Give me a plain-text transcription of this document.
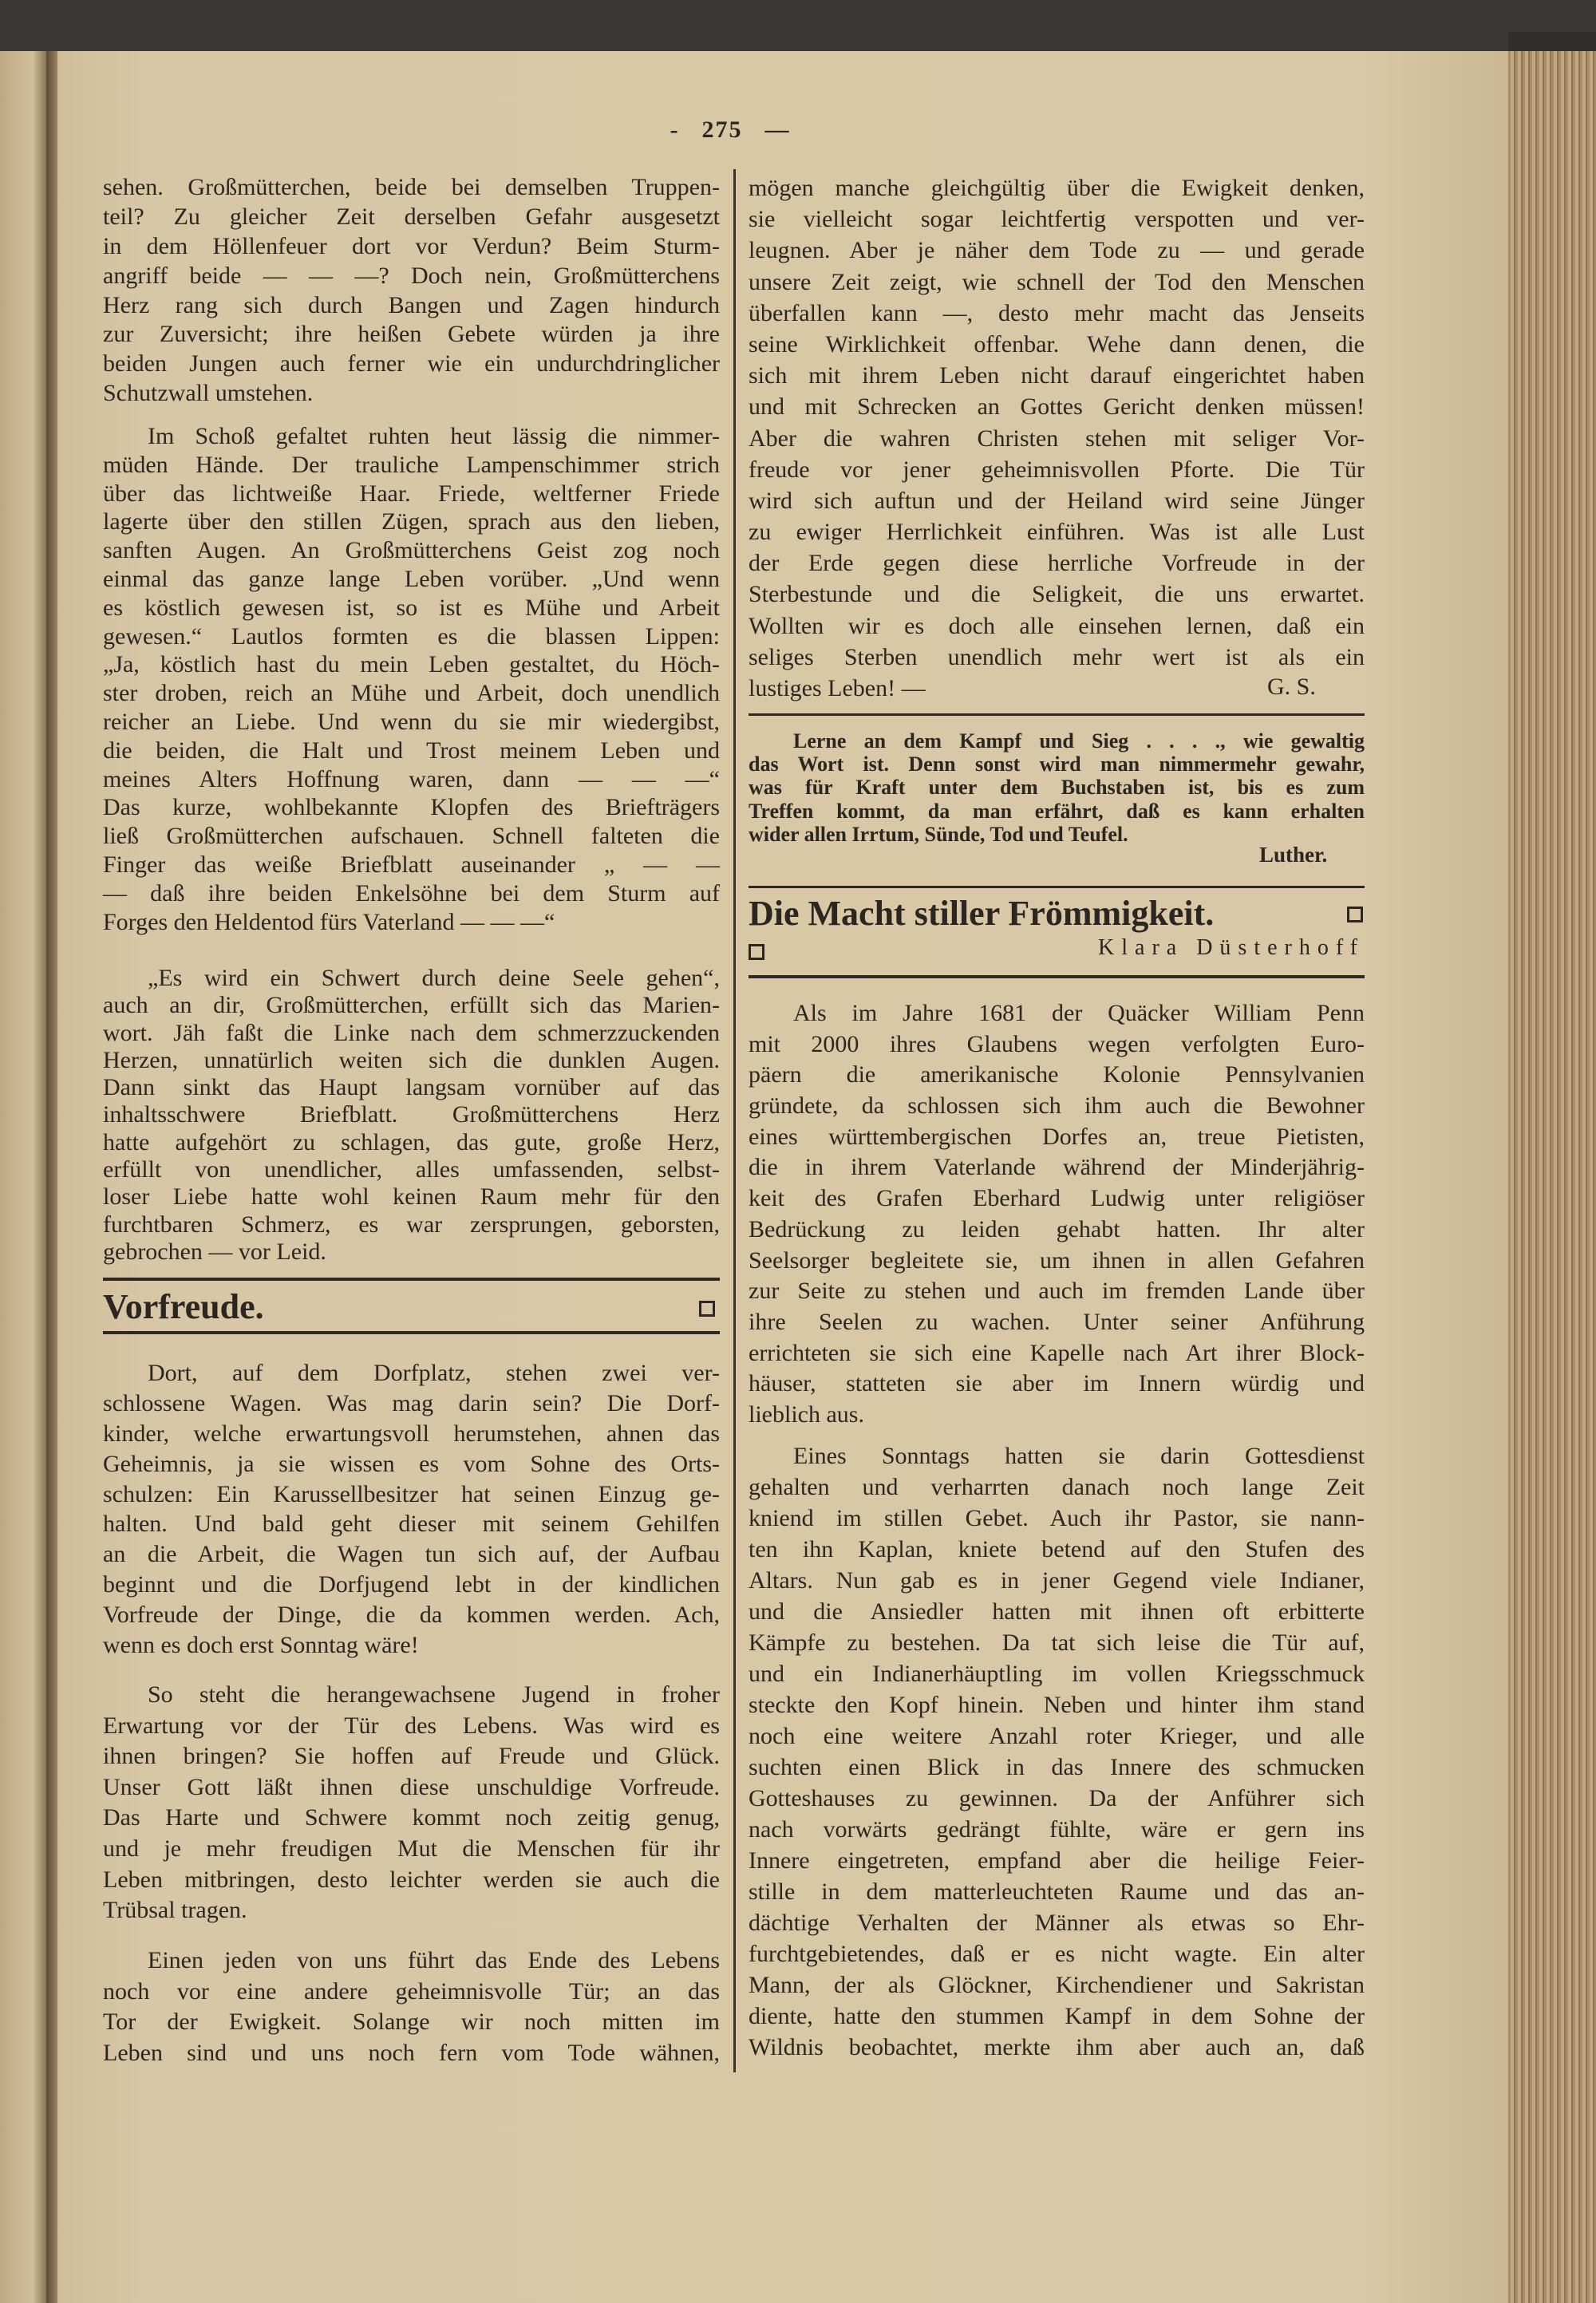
- 275 —
sehen. Großmütterchen, beide bei demselben Truppen-
teil? Zu gleicher Zeit derselben Gefahr ausgesetzt
in dem Höllenfeuer dort vor Verdun? Beim Sturm-
angriff beide — — —? Doch nein, Großmütterchens
Herz rang sich durch Bangen und Zagen hindurch
zur Zuversicht; ihre heißen Gebete würden ja ihre
beiden Jungen auch ferner wie ein undurchdringlicher
Schutzwall umstehen.
Im Schoß gefaltet ruhten heut lässig die nimmer-
müden Hände. Der trauliche Lampenschimmer strich
über das lichtweiße Haar. Friede, weltferner Friede
lagerte über den stillen Zügen, sprach aus den lieben,
sanften Augen. An Großmütterchens Geist zog noch
einmal das ganze lange Leben vorüber. „Und wenn
es köstlich gewesen ist, so ist es Mühe und Arbeit
gewesen.“ Lautlos formten es die blassen Lippen:
„Ja, köstlich hast du mein Leben gestaltet, du Höch-
ster droben, reich an Mühe und Arbeit, doch unendlich
reicher an Liebe. Und wenn du sie mir wiedergibst,
die beiden, die Halt und Trost meinem Leben und
meines Alters Hoffnung waren, dann — — —“
Das kurze, wohlbekannte Klopfen des Briefträgers
ließ Großmütterchen aufschauen. Schnell falteten die
Finger das weiße Briefblatt auseinander „ — —
— daß ihre beiden Enkelsöhne bei dem Sturm auf
Forges den Heldentod fürs Vaterland — — —“
„Es wird ein Schwert durch deine Seele gehen“,
auch an dir, Großmütterchen, erfüllt sich das Marien-
wort. Jäh faßt die Linke nach dem schmerzzuckenden
Herzen, unnatürlich weiten sich die dunklen Augen.
Dann sinkt das Haupt langsam vornüber auf das
inhaltsschwere Briefblatt. Großmütterchens Herz
hatte aufgehört zu schlagen, das gute, große Herz,
erfüllt von unendlicher, alles umfassenden, selbst-
loser Liebe hatte wohl keinen Raum mehr für den
furchtbaren Schmerz, es war zersprungen, geborsten,
gebrochen — vor Leid.
Vorfreude.
Dort, auf dem Dorfplatz, stehen zwei ver-
schlossene Wagen. Was mag darin sein? Die Dorf-
kinder, welche erwartungsvoll herumstehen, ahnen das
Geheimnis, ja sie wissen es vom Sohne des Orts-
schulzen: Ein Karussellbesitzer hat seinen Einzug ge-
halten. Und bald geht dieser mit seinem Gehilfen
an die Arbeit, die Wagen tun sich auf, der Aufbau
beginnt und die Dorfjugend lebt in der kindlichen
Vorfreude der Dinge, die da kommen werden. Ach,
wenn es doch erst Sonntag wäre!
So steht die herangewachsene Jugend in froher
Erwartung vor der Tür des Lebens. Was wird es
ihnen bringen? Sie hoffen auf Freude und Glück.
Unser Gott läßt ihnen diese unschuldige Vorfreude.
Das Harte und Schwere kommt noch zeitig genug,
und je mehr freudigen Mut die Menschen für ihr
Leben mitbringen, desto leichter werden sie auch die
Trübsal tragen.
Einen jeden von uns führt das Ende des Lebens
noch vor eine andere geheimnisvolle Tür; an das
Tor der Ewigkeit. Solange wir noch mitten im
Leben sind und uns noch fern vom Tode wähnen,
mögen manche gleichgültig über die Ewigkeit denken,
sie vielleicht sogar leichtfertig verspotten und ver-
leugnen. Aber je näher dem Tode zu — und gerade
unsere Zeit zeigt, wie schnell der Tod den Menschen
überfallen kann —, desto mehr macht das Jenseits
seine Wirklichkeit offenbar. Wehe dann denen, die
sich mit ihrem Leben nicht darauf eingerichtet haben
und mit Schrecken an Gottes Gericht denken müssen!
Aber die wahren Christen stehen mit seliger Vor-
freude vor jener geheimnisvollen Pforte. Die Tür
wird sich auftun und der Heiland wird seine Jünger
zu ewiger Herrlichkeit einführen. Was ist alle Lust
der Erde gegen diese herrliche Vorfreude in der
Sterbestunde und die Seligkeit, die uns erwartet.
Wollten wir es doch alle einsehen lernen, daß ein
seliges Sterben unendlich mehr wert ist als ein
lustiges Leben! —	G. S.
Lerne an dem Kampf und Sieg . . . ., wie gewaltig
das Wort ist. Denn sonst wird man nimmermehr gewahr,
was für Kraft unter dem Buchstaben ist, bis es zum
Treffen kommt, da man erfährt, daß es kann erhalten
wider allen Irrtum, Sünde, Tod und Teufel.
Luther.
Die Macht stiller Frömmigkeit.
Klara Düsterhoff
Als im Jahre 1681 der Quäcker William Penn
mit 2000 ihres Glaubens wegen verfolgten Euro-
päern die amerikanische Kolonie Pennsylvanien
gründete, da schlossen sich ihm auch die Bewohner
eines württembergischen Dorfes an, treue Pietisten,
die in ihrem Vaterlande während der Minderjährig-
keit des Grafen Eberhard Ludwig unter religiöser
Bedrückung zu leiden gehabt hatten. Ihr alter
Seelsorger begleitete sie, um ihnen in allen Gefahren
zur Seite zu stehen und auch im fremden Lande über
ihre Seelen zu wachen. Unter seiner Anführung
errichteten sie sich eine Kapelle nach Art ihrer Block-
häuser, statteten sie aber im Innern würdig und
lieblich aus.
Eines Sonntags hatten sie darin Gottesdienst
gehalten und verharrten danach noch lange Zeit
kniend im stillen Gebet. Auch ihr Pastor, sie nann-
ten ihn Kaplan, kniete betend auf den Stufen des
Altars. Nun gab es in jener Gegend viele Indianer,
und die Ansiedler hatten mit ihnen oft erbitterte
Kämpfe zu bestehen. Da tat sich leise die Tür auf,
und ein Indianerhäuptling im vollen Kriegsschmuck
steckte den Kopf hinein. Neben und hinter ihm stand
noch eine weitere Anzahl roter Krieger, und alle
suchten einen Blick in das Innere des schmucken
Gotteshauses zu gewinnen. Da der Anführer sich
nach vorwärts gedrängt fühlte, wäre er gern ins
Innere eingetreten, empfand aber die heilige Feier-
stille in dem matterleuchteten Raume und das an-
dächtige Verhalten der Männer als etwas so Ehr-
furchtgebietendes, daß er es nicht wagte. Ein alter
Mann, der als Glöckner, Kirchendiener und Sakristan
diente, hatte den stummen Kampf in dem Sohne der
Wildnis beobachtet, merkte ihm aber auch an, daß
